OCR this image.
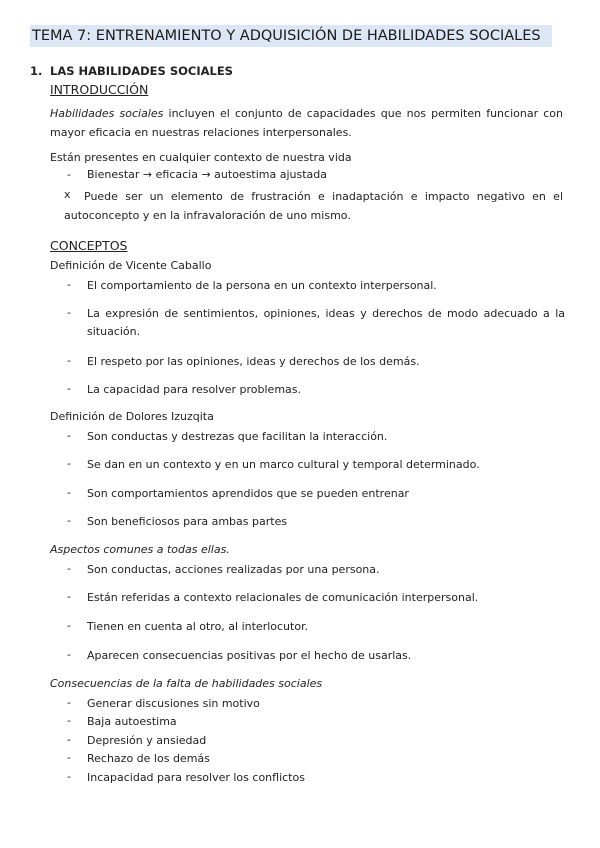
TEMA 7: ENTRENAMIENTO Y ADQUISICIÓN DE HABILIDADES SOCIALES
1. LAS HABILIDADES SOCIALES
INTRODUCCIÓN
Habilidades sociales incluyen el conjunto de capacidades que nos permiten funcionar con mayor eficacia en nuestras relaciones interpersonales.
Están presentes en cualquier contexto de nuestra vida
- Bienestar → eficacia → autoestima ajustada
x	Puede ser un elemento de frustración e inadaptación e impacto negativo en el autoconcepto y en la infravaloración de uno mismo.
CONCEPTOS
Definición de Vicente Caballo
- El comportamiento de la persona en un contexto interpersonal.
- La expresión de sentimientos, opiniones, ideas y derechos de modo adecuado a la situación.
- El respeto por las opiniones, ideas y derechos de los demás.
- La capacidad para resolver problemas.
Definición de Dolores Izuzqita
- Son conductas y destrezas que facilitan la interacción.
- Se dan en un contexto y en un marco cultural y temporal determinado.
- Son comportamientos aprendidos que se pueden entrenar
- Son beneficiosos para ambas partes
Aspectos comunes a todas ellas.
- Son conductas, acciones realizadas por una persona.
- Están referidas a contexto relacionales de comunicación interpersonal.
- Tienen en cuenta al otro, al interlocutor.
- Aparecen consecuencias positivas por el hecho de usarlas.
Consecuencias de la falta de habilidades sociales
- Generar discusiones sin motivo
- Baja autoestima
- Depresión y ansiedad
- Rechazo de los demás
- Incapacidad para resolver los conflictos
